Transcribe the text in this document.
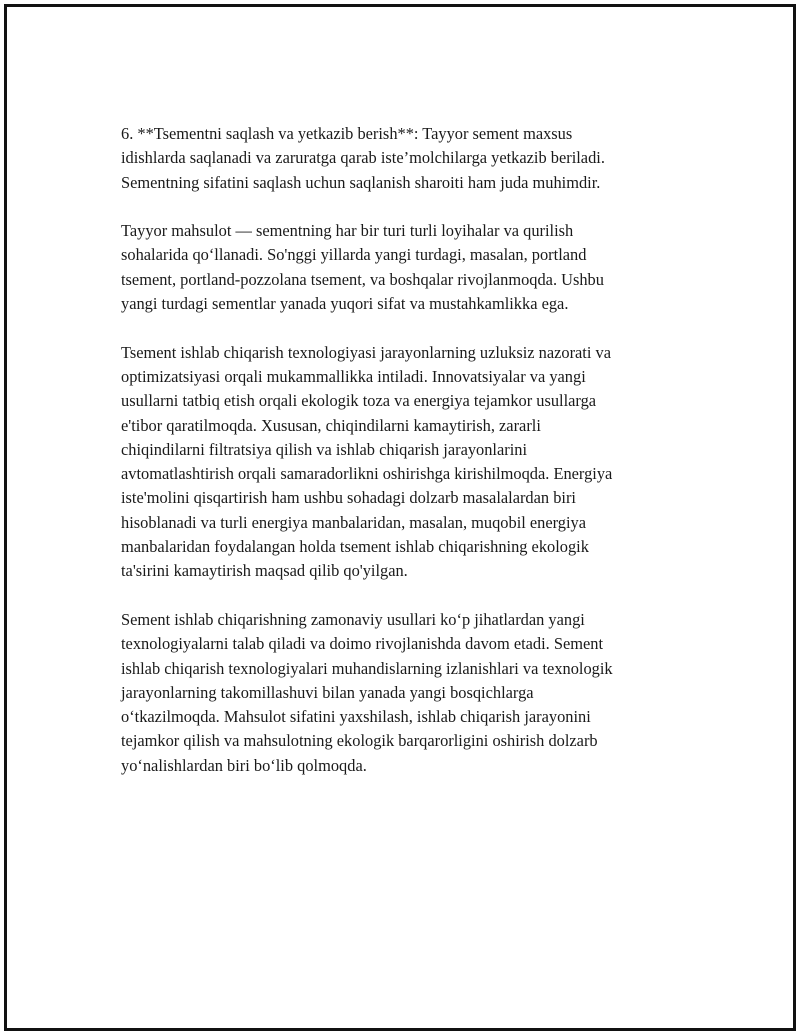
6. **Tsementni saqlash va yetkazib berish**: Tayyor sement maxsus
idishlarda saqlanadi va zaruratga qarab iste’molchilarga yetkazib beriladi.
Sementning sifatini saqlash uchun saqlanish sharoiti ham juda muhimdir.

Tayyor mahsulot — sementning har bir turi turli loyihalar va qurilish
sohalarida qo‘llanadi. So'nggi yillarda yangi turdagi, masalan, portland
tsement, portland-pozzolana tsement, va boshqalar rivojlanmoqda. Ushbu
yangi turdagi sementlar yanada yuqori sifat va mustahkamlikka ega.

Tsement ishlab chiqarish texnologiyasi jarayonlarning uzluksiz nazorati va
optimizatsiyasi orqali mukammallikka intiladi. Innovatsiyalar va yangi
usullarni tatbiq etish orqali ekologik toza va energiya tejamkor usullarga
e'tibor qaratilmoqda. Xususan, chiqindilarni kamaytirish, zararli
chiqindilarni filtratsiya qilish va ishlab chiqarish jarayonlarini
avtomatlashtirish orqali samaradorlikni oshirishga kirishilmoqda. Energiya
iste'molini qisqartirish ham ushbu sohadagi dolzarb masalalardan biri
hisoblanadi va turli energiya manbalaridan, masalan, muqobil energiya
manbalaridan foydalangan holda tsement ishlab chiqarishning ekologik
ta'sirini kamaytirish maqsad qilib qo'yilgan.

Sement ishlab chiqarishning zamonaviy usullari ko‘p jihatlardan yangi
texnologiyalarni talab qiladi va doimo rivojlanishda davom etadi. Sement
ishlab chiqarish texnologiyalari muhandislarning izlanishlari va texnologik
jarayonlarning takomillashuvi bilan yanada yangi bosqichlarga
o‘tkazilmoqda. Mahsulot sifatini yaxshilash, ishlab chiqarish jarayonini
tejamkor qilish va mahsulotning ekologik barqarorligini oshirish dolzarb
yo‘nalishlardan biri bo‘lib qolmoqda.
